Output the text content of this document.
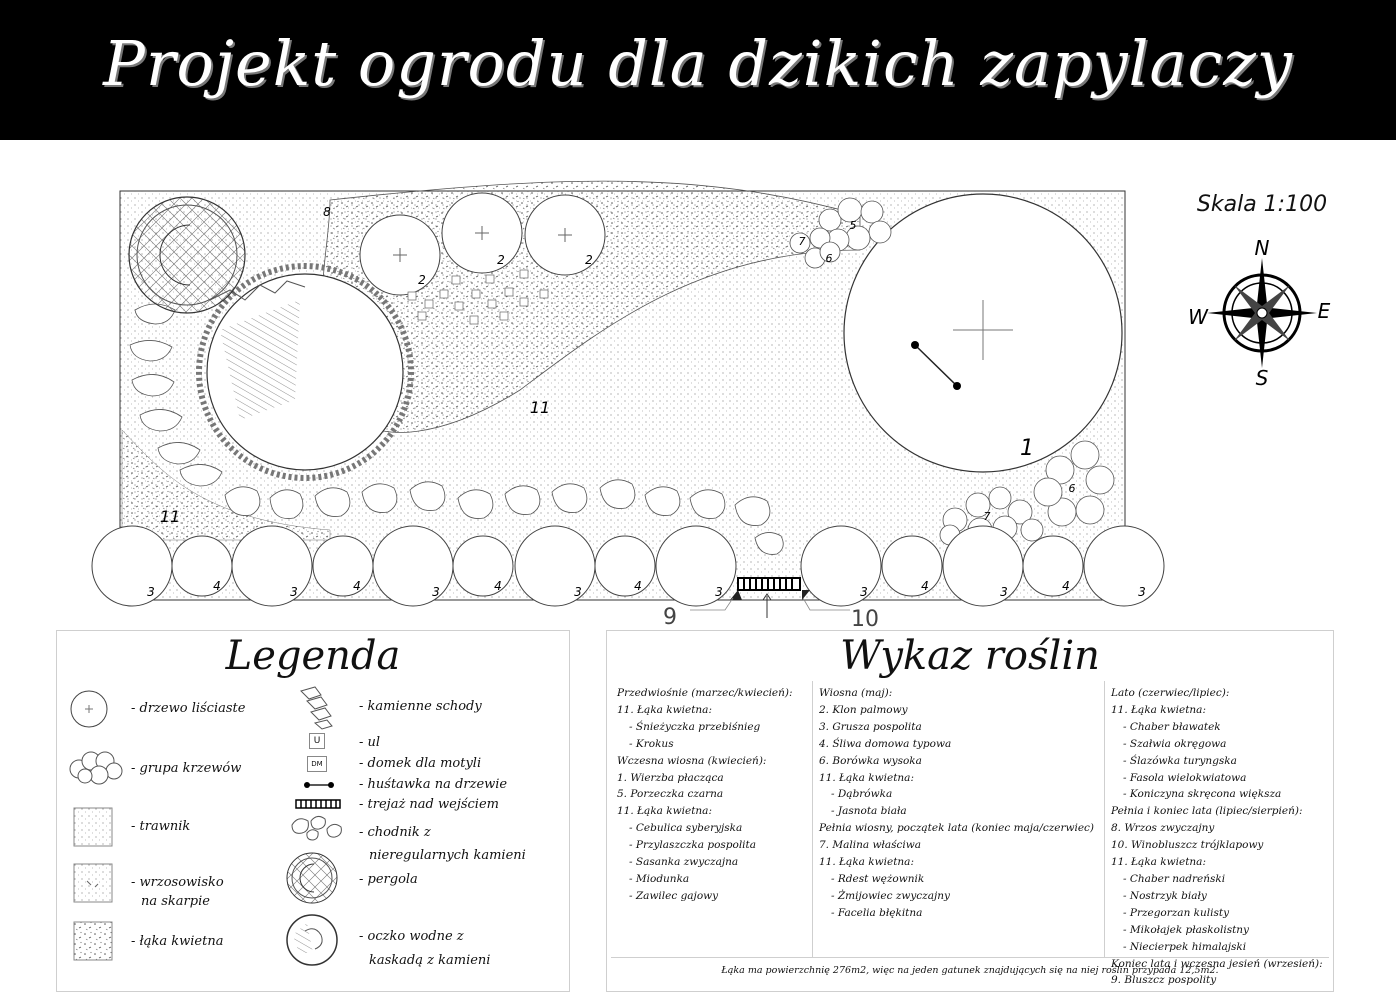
Projekt ogrodu dla dzikich zapylaczy
Skala 1:100
N
S
W	E
1
11
11
8
2
2	2
5
6
7
6
7
3	4	3	4	3	4	3	4	3	3	4	3	4	3
9	10
Legenda
- drzewo liściaste
- grupa krzewów
- trawnik
- wrzosowisko
na skarpie
- łąka kwietna
- kamienne schody
U	- ul
DM	- domek dla motyli
- huśtawka na drzewie
- trejaż nad wejściem
- chodnik z
nieregularnych kamieni
- pergola
- oczko wodne z
kaskadą z kamieni
Wykaz roślin
Przedwiośnie (marzec/kwiecień):
11. Łąka kwietna:
- Śnieżyczka przebiśnieg
- Krokus
Wczesna wiosna (kwiecień):
1. Wierzba płacząca
5. Porzeczka czarna
11. Łąka kwietna:
- Cebulica syberyjska
- Przylaszczka pospolita
- Sasanka zwyczajna
- Miodunka
- Zawilec gajowy
Wiosna (maj):
2. Klon palmowy
3. Grusza pospolita
4. Śliwa domowa typowa
6. Borówka wysoka
11. Łąka kwietna:
- Dąbrówka
- Jasnota biała
Pełnia wiosny, początek lata (koniec maja/czerwiec)
7. Malina właściwa
11. Łąka kwietna:
- Rdest wężownik
- Żmijowiec zwyczajny
- Facelia błękitna
Lato (czerwiec/lipiec):
11. Łąka kwietna:
- Chaber bławatek
- Szałwia okręgowa
- Ślazówka turyngska
- Fasola wielokwiatowa
- Koniczyna skręcona większa
Pełnia i koniec lata (lipiec/sierpień):
8. Wrzos zwyczajny
10. Winobluszcz trójklapowy
11. Łąka kwietna:
- Chaber nadreński
- Nostrzyk biały
- Przegorzan kulisty
- Mikołajek płaskolistny
- Niecierpek himalajski
Koniec lata i wczesna jesień (wrzesień):
9. Bluszcz pospolity
Łąka ma powierzchnię 276m2, więc na jeden gatunek znajdujących się na niej roślin przypada 12,5m2.
